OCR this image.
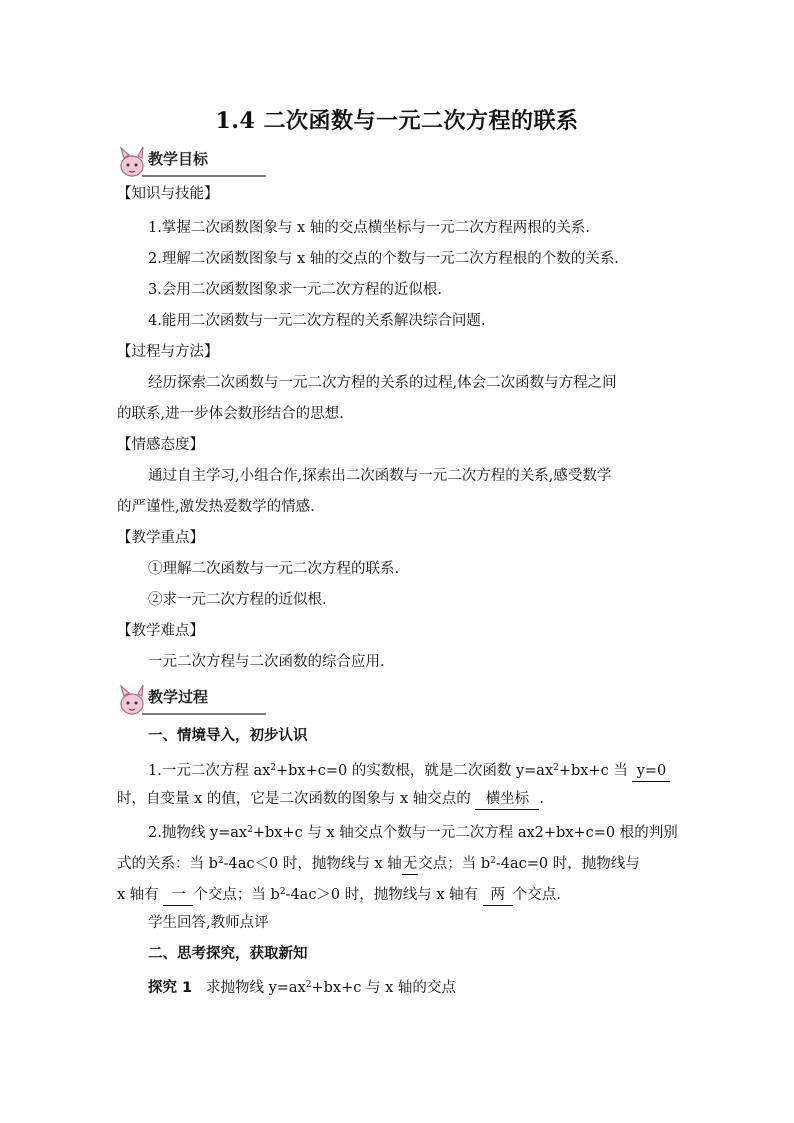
1.4 二次函数与一元二次方程的联系
教学目标
【知识与技能】
1.掌握二次函数图象与 x 轴的交点横坐标与一元二次方程两根的关系.
2.理解二次函数图象与 x 轴的交点的个数与一元二次方程根的个数的关系.
3.会用二次函数图象求一元二次方程的近似根.
4.能用二次函数与一元二次方程的关系解决综合问题.
【过程与方法】
经历探索二次函数与一元二次方程的关系的过程,体会二次函数与方程之间
的联系,进一步体会数形结合的思想.
【情感态度】
通过自主学习,小组合作,探索出二次函数与一元二次方程的关系,感受数学
的严谨性,激发热爱数学的情感.
【教学重点】
①理解二次函数与一元二次方程的联系.
②求一元二次方程的近似根.
【教学难点】
一元二次方程与二次函数的综合应用.
教学过程
一、情境导入，初步认识
1.一元二次方程 $ax^2+bx+c=0$ 的实数根，就是二次函数 $y=ax^2+bx+c$ 当 y=0
时，自变量 x 的值，它是二次函数的图象与 x 轴交点的 横坐标 .
2.抛物线 $y=ax^2+bx+c$ 与 x 轴交点个数与一元二次方程 ax2+bx+c=0 根的判别
式的关系：当 $b^2-4ac<0$ 时，抛物线与 x 轴无交点；当 $b^2-4ac=0$ 时，抛物线与
x 轴有 一 个交点；当 $b^2-4ac>0$ 时，抛物线与 x 轴有 两 个交点.
学生回答,教师点评
二、思考探究，获取新知
探究 1 求抛物线 $y=ax^2+bx+c$ 与 x 轴的交点
